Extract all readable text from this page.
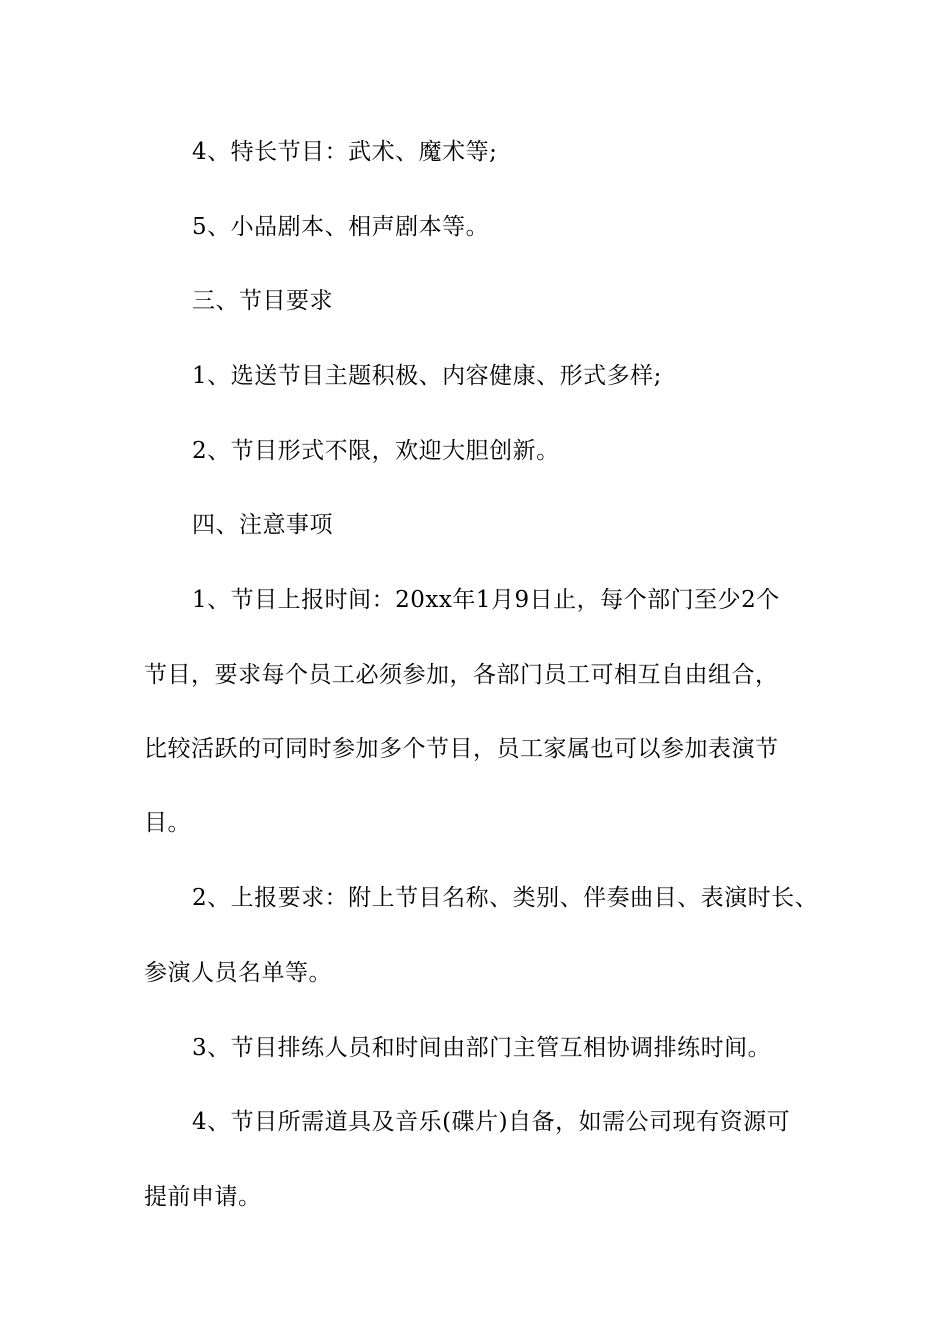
4、特长节目：武术、魔术等;
5、小品剧本、相声剧本等。
三、节目要求
1、选送节目主题积极、内容健康、形式多样;
2、节目形式不限，欢迎大胆创新。
四、注意事项
1、节目上报时间：20xx年1月9日止，每个部门至少2个
节目，要求每个员工必须参加，各部门员工可相互自由组合，
比较活跃的可同时参加多个节目，员工家属也可以参加表演节
目。
2、上报要求：附上节目名称、类别、伴奏曲目、表演时长、
参演人员名单等。
3、节目排练人员和时间由部门主管互相协调排练时间。
4、节目所需道具及音乐(碟片)自备，如需公司现有资源可
提前申请。
